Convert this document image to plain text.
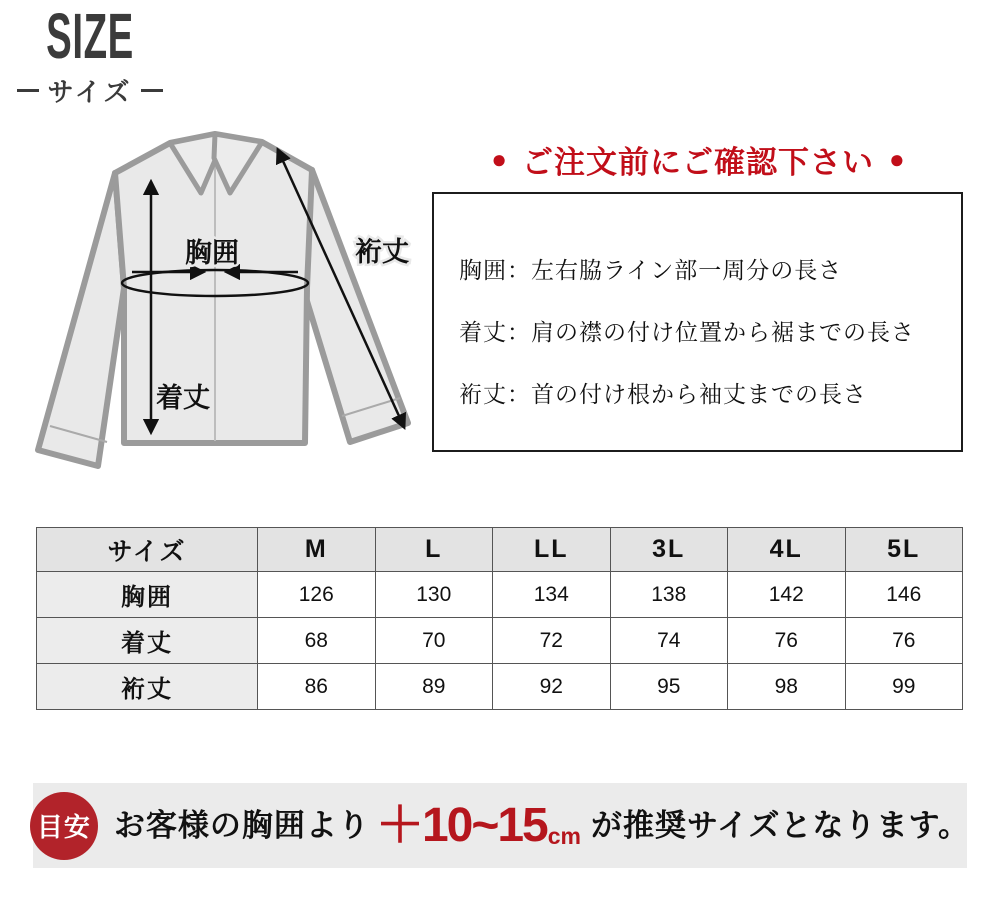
SIZE
サイズ
胸囲
着丈
裄丈
● ご注文前にご確認下さい ●
胸囲：左右脇ライン部一周分の長さ
着丈：肩の襟の付け位置から裾までの長さ
裄丈：首の付け根から袖丈までの長さ
サイズ	M	L	LL	3L	4L	5L
胸囲	126	130	134	138	142	146
着丈	68	70	72	74	76	76
裄丈	86	89	92	95	98	99
目安 お客様の胸囲より ＋10~15 cm が推奨サイズとなります。
